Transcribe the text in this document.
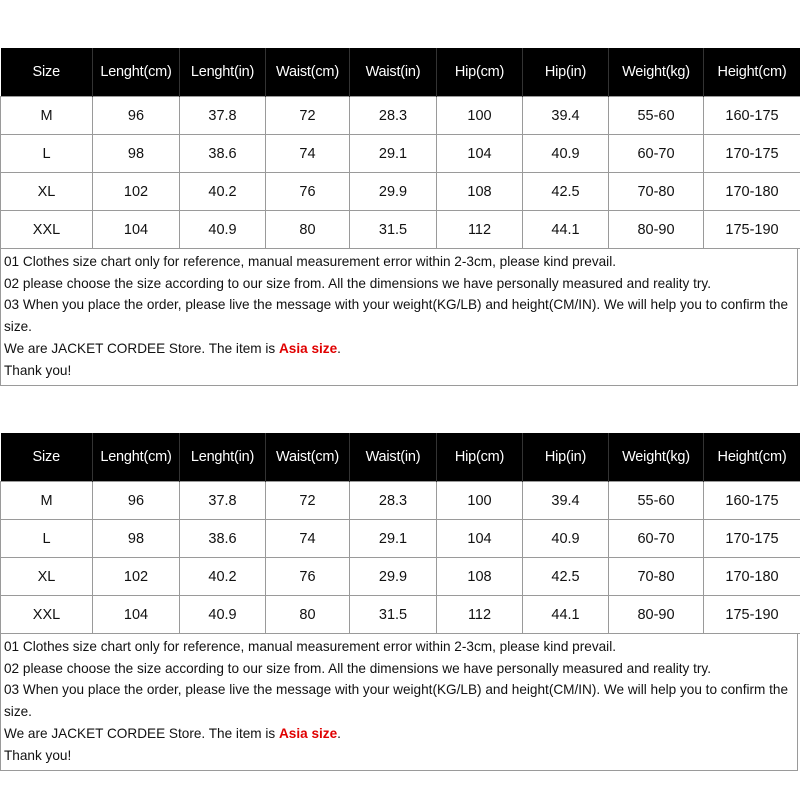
Size	Lenght(cm)	Lenght(in)	Waist(cm)	Waist(in)	Hip(cm)	Hip(in)	Weight(kg)	Height(cm)
M	96	37.8	72	28.3	100	39.4	55-60	160-175
L	98	38.6	74	29.1	104	40.9	60-70	170-175
XL	102	40.2	76	29.9	108	42.5	70-80	170-180
XXL	104	40.9	80	31.5	112	44.1	80-90	175-190

01 Clothes size chart only for reference, manual measurement error within 2-3cm, please kind prevail.

02 please choose the size according to our size from. All the dimensions we have personally measured and reality try.

03 When you place the order, please live the message with your weight(KG/LB) and height(CM/IN). We will help you to confirm the size.

We are JACKET CORDEE Store. The item is Asia size.

Thank you!

Size	Lenght(cm)	Lenght(in)	Waist(cm)	Waist(in)	Hip(cm)	Hip(in)	Weight(kg)	Height(cm)
M	96	37.8	72	28.3	100	39.4	55-60	160-175
L	98	38.6	74	29.1	104	40.9	60-70	170-175
XL	102	40.2	76	29.9	108	42.5	70-80	170-180
XXL	104	40.9	80	31.5	112	44.1	80-90	175-190

01 Clothes size chart only for reference, manual measurement error within 2-3cm, please kind prevail.

02 please choose the size according to our size from. All the dimensions we have personally measured and reality try.

03 When you place the order, please live the message with your weight(KG/LB) and height(CM/IN). We will help you to confirm the size.

We are JACKET CORDEE Store. The item is Asia size.

Thank you!
